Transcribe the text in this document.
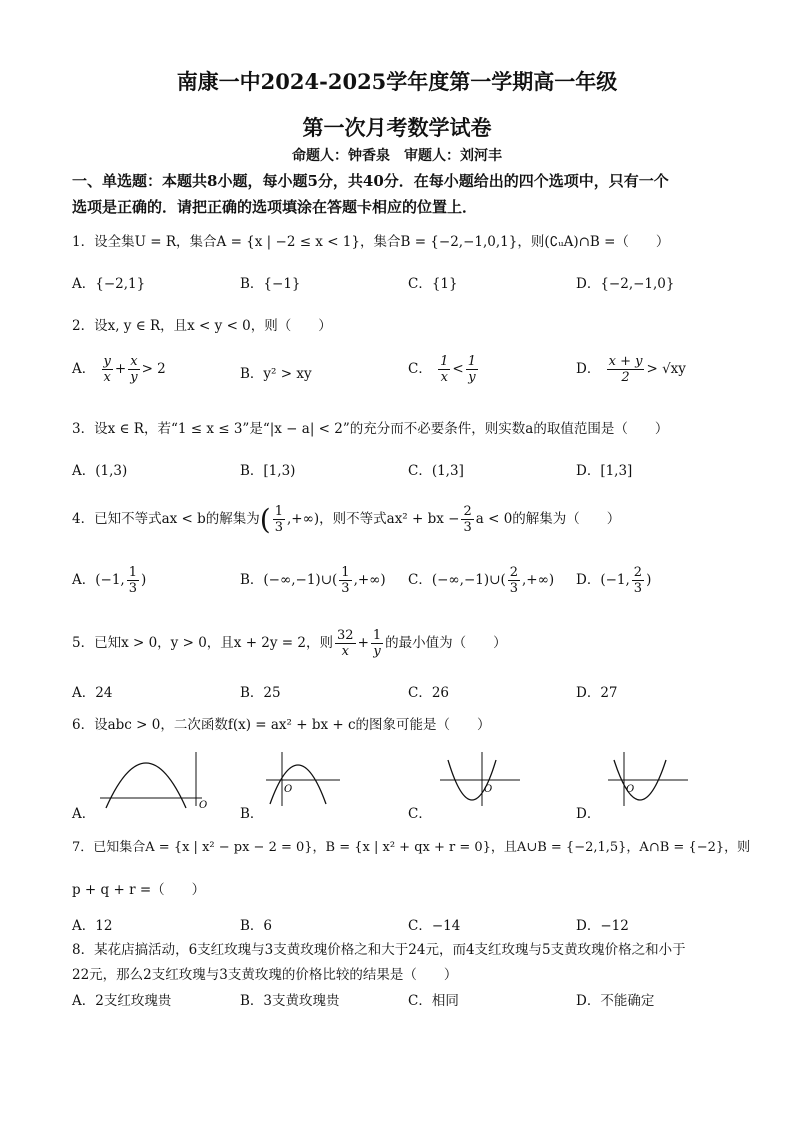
南康一中2024-2025学年度第一学期高一年级
第一次月考数学试卷
命题人：钟香泉　审题人：刘河丰
一、单选题：本题共8小题，每小题5分，共40分．在每小题给出的四个选项中，只有一个
选项是正确的．请把正确的选项填涂在答题卡相应的位置上．
1．设全集U = R，集合A = {x | −2 ≤ x < 1}，集合B = {−2,−1,0,1}，则(∁ᵤA)∩B =（　　）
A．{−2,1}	B．{−1}	C．{1}	D．{−2,−1,0}
2．设x, y ∈ R，且x < y < 0，则（　　）
A． $\frac{y}{x} + \frac{x}{y} > 2$	B．y² > xy	C． $\frac{1}{x} < \frac{1}{y}$	D． $\frac{x + y}{2} > √xy$
3．设x ∈ R，若“1 ≤ x ≤ 3”是“|x − a| < 2”的充分而不必要条件，则实数a的取值范围是（　　）
A．(1,3)	B．[1,3)	C．(1,3]	D．[1,3]
4．已知不等式ax < b的解集为( $\frac{1}{3}$ ,+∞)，则不等式ax² + bx − $\frac{2}{3}$ a < 0的解集为（　　）
A．(−1, $\frac{1}{3}$ )	B．(−∞,−1)∪( $\frac{1}{3}$ ,+∞) C．(−∞,−1)∪( $\frac{2}{3}$ ,+∞) D．(−1, $\frac{2}{3}$ )
5．已知x > 0，y > 0，且x + 2y = 2，则 $\frac{32}{x} + \frac{1}{y}$ 的最小值为（　　）
A．24	B．25	C．26	D．27
6．设abc > 0，二次函数f(x) = ax² + bx + c的图象可能是（　　）
A．
O
B．
O
C．
O
D．
O
7．已知集合A = {x | x² − px − 2 = 0}，B = {x | x² + qx + r = 0}，且A∪B = {−2,1,5}，A∩B = {−2}，则
p + q + r =（　　）
A．12	B．6	C．−14	D．−12
8．某花店搞活动，6支红玫瑰与3支黄玫瑰价格之和大于24元，而4支红玫瑰与5支黄玫瑰价格之和小于
22元，那么2支红玫瑰与3支黄玫瑰的价格比较的结果是（　　）
A．2支红玫瑰贵	B．3支黄玫瑰贵	C．相同	D．不能确定
